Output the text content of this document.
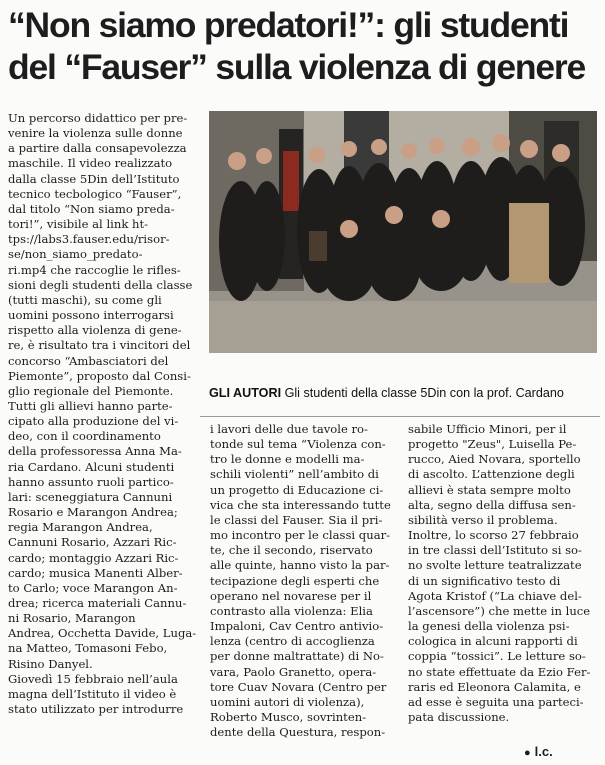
“Non siamo predatori!”: gli studenti
del “Fauser” sulla violenza di genere
Un percorso didattico per pre-
venire la violenza sulle donne
a partire dalla consapevolezza
maschile. Il video realizzato
dalla classe 5Din dell’Istituto
tecnico tecbologico “Fauser”,
dal titolo “Non siamo preda-
tori!”, visibile al link ht-
tps://labs3.fauser.edu/risor-
se/non_siamo_predato-
ri.mp4 che raccoglie le rifles-
sioni degli studenti della classe
(tutti maschi), su come gli
uomini possono interrogarsi
rispetto alla violenza di gene-
re, è risultato tra i vincitori del
concorso “Ambasciatori del
Piemonte”, proposto dal Consi-
glio regionale del Piemonte.
Tutti gli allievi hanno parte-
cipato alla produzione del vi-
deo, con il coordinamento
della professoressa Anna Ma-
ria Cardano. Alcuni studenti
hanno assunto ruoli partico-
lari: sceneggiatura Cannuni
Rosario e Marangon Andrea;
regia Marangon Andrea,
Cannuni Rosario, Azzari Ric-
cardo; montaggio Azzari Ric-
cardo; musica Manenti Alber-
to Carlo; voce Marangon An-
drea; ricerca materiali Cannu-
ni Rosario, Marangon
Andrea, Occhetta Davide, Luga-
na Matteo, Tomasoni Febo,
Risino Danyel.
Giovedì 15 febbraio nell’aula
magna dell’Istituto il video è
stato utilizzato per introdurre
GLI AUTORI Gli studenti della classe 5Din con la prof. Cardano
i lavori delle due tavole ro-
tonde sul tema “Violenza con-
tro le donne e modelli ma-
schili violenti” nell’ambito di
un progetto di Educazione ci-
vica che sta interessando tutte
le classi del Fauser. Sia il pri-
mo incontro per le classi quar-
te, che il secondo, riservato
alle quinte, hanno visto la par-
tecipazione degli esperti che
operano nel novarese per il
contrasto alla violenza: Elia
Impaloni, Cav Centro antivio-
lenza (centro di accoglienza
per donne maltrattate) di No-
vara, Paolo Granetto, opera-
tore Cuav Novara (Centro per
uomini autori di violenza),
Roberto Musco, sovrinten-
dente della Questura, respon-
sabile Ufficio Minori, per il
progetto "Zeus", Luisella Pe-
rucco, Aied Novara, sportello
di ascolto. L’attenzione degli
allievi è stata sempre molto
alta, segno della diffusa sen-
sibilità verso il problema.
Inoltre, lo scorso 27 febbraio
in tre classi dell’Istituto si so-
no svolte letture teatralizzate
di un significativo testo di
Agota Kristof (“La chiave del-
l’ascensore”) che mette in luce
la genesi della violenza psi-
cologica in alcuni rapporti di
coppia “tossici”. Le letture so-
no state effettuate da Ezio Fer-
raris ed Eleonora Calamita, e
ad esse è seguita una parteci-
pata discussione.
● l.c.
